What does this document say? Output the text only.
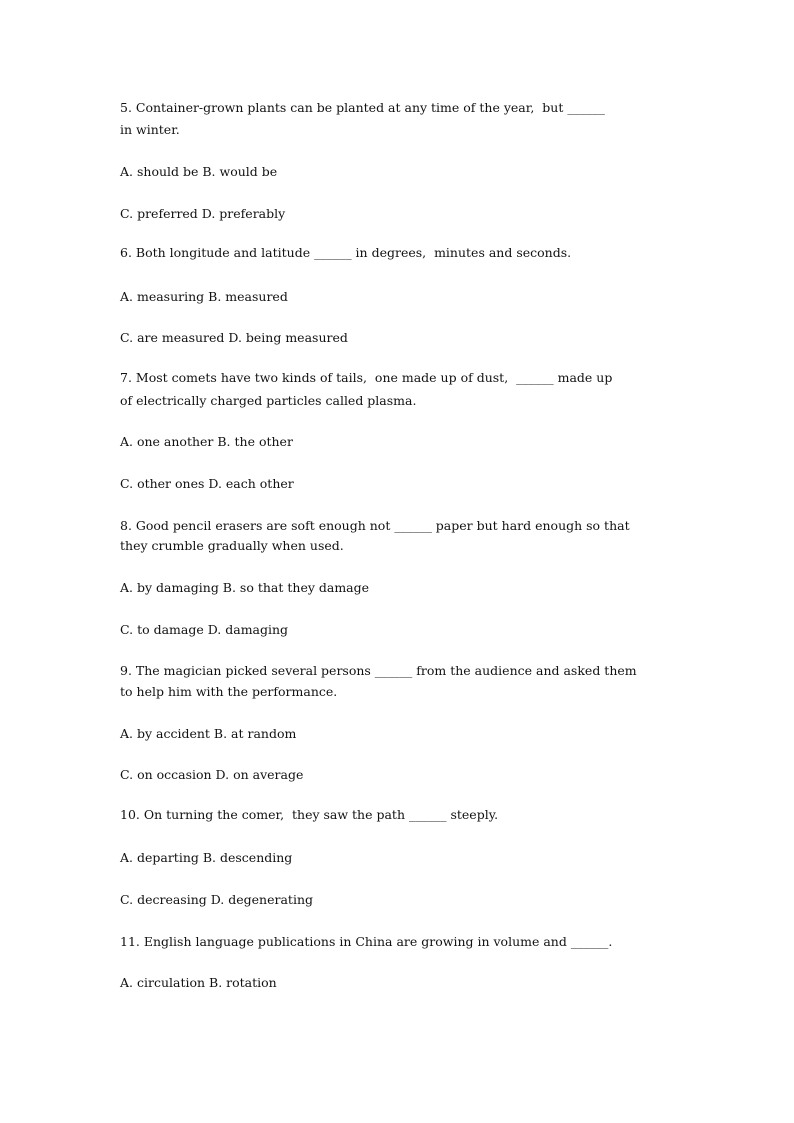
5. Container-grown plants can be planted at any time of the year,  but ______
in winter.
A. should be B. would be
C. preferred D. preferably
6. Both longitude and latitude ______ in degrees,  minutes and seconds.
A. measuring B. measured
C. are measured D. being measured
7. Most comets have two kinds of tails,  one made up of dust,  ______ made up
of electrically charged particles called plasma.
A. one another B. the other
C. other ones D. each other
8. Good pencil erasers are soft enough not ______ paper but hard enough so that
they crumble gradually when used.
A. by damaging B. so that they damage
C. to damage D. damaging
9. The magician picked several persons ______ from the audience and asked them
to help him with the performance.
A. by accident B. at random
C. on occasion D. on average
10. On turning the comer,  they saw the path ______ steeply.
A. departing B. descending
C. decreasing D. degenerating
11. English language publications in China are growing in volume and ______.
A. circulation B. rotation
